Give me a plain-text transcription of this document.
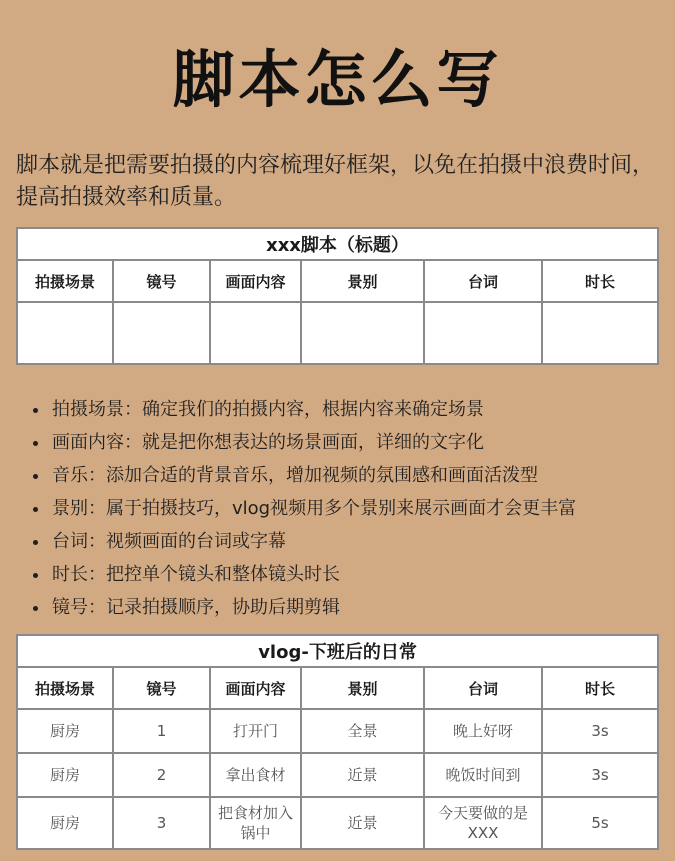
脚本怎么写
脚本就是把需要拍摄的内容梳理好框架，以免在拍摄中浪费时间，提高拍摄效率和质量。
xxx脚本（标题）					
拍摄场景	镜号	画面内容	景别	台词	时长

• 拍摄场景：确定我们的拍摄内容，根据内容来确定场景
• 画面内容：就是把你想表达的场景画面，详细的文字化
• 音乐：添加合适的背景音乐，增加视频的氛围感和画面活泼型
• 景别：属于拍摄技巧，vlog视频用多个景别来展示画面才会更丰富
• 台词：视频画面的台词或字幕
• 时长：把控单个镜头和整体镜头时长
• 镜号：记录拍摄顺序，协助后期剪辑
vlog-下班后的日常					
拍摄场景	镜号	画面内容	景别	台词	时长
厨房	1	打开门	全景	晚上好呀	3s
厨房	2	拿出食材	近景	晚饭时间到	3s
厨房	3	把食材加入锅中	近景	今天要做的是XXX	5s
